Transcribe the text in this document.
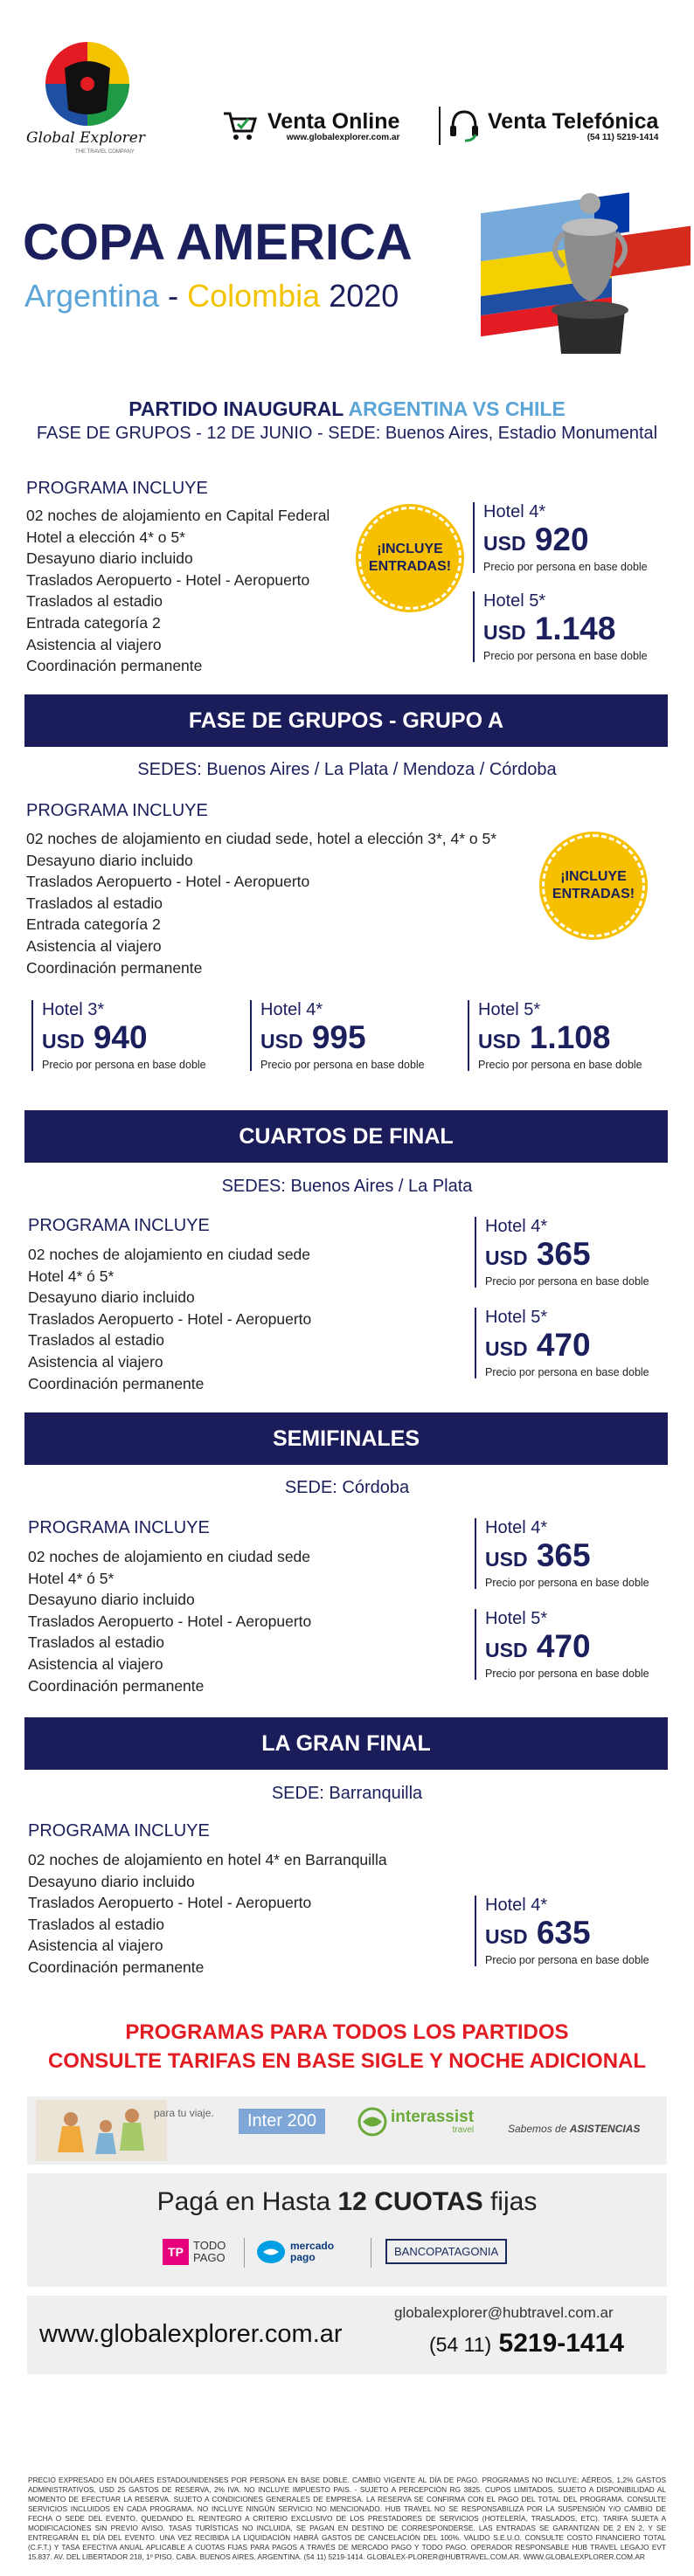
Global Explorer
THE TRAVEL COMPANY
Venta Online
www.globalexplorer.com.ar
Venta Telefónica
(54 11) 5219-1414
COPA AMERICA
Argentina - Colombia 2020
PARTIDO INAUGURAL ARGENTINA VS CHILE
FASE DE GRUPOS - 12 DE JUNIO - SEDE: Buenos Aires, Estadio Monumental
PROGRAMA INCLUYE
02 noches de alojamiento en Capital Federal
Hotel a elección 4* o 5*
Desayuno diario incluido
Traslados Aeropuerto - Hotel - Aeropuerto
Traslados al estadio
Entrada categoría 2
Asistencia al viajero
Coordinación permanente
¡INCLUYE ENTRADAS!
Hotel 4*
USD 920
Precio por persona en base doble
Hotel 5*
USD 1.148
Precio por persona en base doble
FASE DE GRUPOS - GRUPO A
SEDES: Buenos Aires / La Plata / Mendoza / Córdoba
PROGRAMA INCLUYE
02 noches de alojamiento en ciudad sede, hotel a elección 3*, 4* o 5*
Desayuno diario incluido
Traslados Aeropuerto - Hotel - Aeropuerto
Traslados al estadio
Entrada categoría 2
Asistencia al viajero
Coordinación permanente
¡INCLUYE ENTRADAS!
Hotel 3*
USD 940
Precio por persona en base doble
Hotel 4*
USD 995
Precio por persona en base doble
Hotel 5*
USD 1.108
Precio por persona en base doble
CUARTOS DE FINAL
SEDES: Buenos Aires / La Plata
PROGRAMA INCLUYE
02 noches de alojamiento en ciudad sede
Hotel 4* ó 5*
Desayuno diario incluido
Traslados Aeropuerto - Hotel - Aeropuerto
Traslados al estadio
Asistencia al viajero
Coordinación permanente
Hotel 4*
USD 365
Precio por persona en base doble
Hotel 5*
USD 470
Precio por persona en base doble
SEMIFINALES
SEDE: Córdoba
PROGRAMA INCLUYE
02 noches de alojamiento en ciudad sede
Hotel 4* ó 5*
Desayuno diario incluido
Traslados Aeropuerto - Hotel - Aeropuerto
Traslados al estadio
Asistencia al viajero
Coordinación permanente
Hotel 4*
USD 365
Precio por persona en base doble
Hotel 5*
USD 470
Precio por persona en base doble
LA GRAN FINAL
SEDE: Barranquilla
PROGRAMA INCLUYE
02 noches de alojamiento en hotel 4* en Barranquilla
Desayuno diario incluido
Traslados Aeropuerto - Hotel - Aeropuerto
Traslados al estadio
Asistencia al viajero
Coordinación permanente
Hotel 4*
USD 635
Precio por persona en base doble
PROGRAMAS PARA TODOS LOS PARTIDOS
CONSULTE TARIFAS EN BASE SIGLE Y NOCHE ADICIONAL
para tu viaje.	Inter 200	interassist
travel	Sabemos de ASISTENCIAS
Pagá en Hasta 12 CUOTAS fijas
TP TODO PAGO
mercado pago	BANCOPATAGONIA
www.globalexplorer.com.ar
globalexplorer@hubtravel.com.ar
(54 11) 5219-1414
PRECIO EXPRESADO EN DÓLARES ESTADOUNIDENSES POR PERSONA EN BASE DOBLE. CAMBIO VIGENTE AL DÍA DE PAGO. PROGRAMAS NO INCLUYE: AÉREOS, 1,2% GASTOS ADMINISTRATIVOS, USD 25 GASTOS DE RESERVA, 2% IVA. NO INCLUYE IMPUESTO PAIS. - SUJETO A PERCEPCIÓN RG 3825. CUPOS LIMITADOS. SUJETO A DISPONIBILIDAD AL MOMENTO DE EFECTUAR LA RESERVA. SUJETO A CONDICIONES GENERALES DE EMPRESA. LA RESERVA SE CONFIRMA CON EL PAGO DEL TOTAL DEL PROGRAMA. CONSULTE SERVICIOS INCLUIDOS EN CADA PROGRAMA. NO INCLUYE NINGÚN SERVICIO NO MENCIONADO. HUB TRAVEL NO SE RESPONSABILIZA POR LA SUSPENSIÓN Y/O CAMBIO DE FECHA O SEDE DEL EVENTO, QUEDANDO EL REINTEGRO A CRITERIO EXCLUSIVO DE LOS PRESTADORES DE SERVICIOS (HOTELERÍA, TRASLADOS, ETC). TARIFA SUJETA A MODIFICACIONES SIN PREVIO AVISO. TASAS TURÍSTICAS NO INCLUIDA, SE PAGAN EN DESTINO DE CORRESPONDERSE. LAS ENTRADAS SE GARANTIZAN DE 2 EN 2, Y SE ENTREGARÁN EL DÍA DEL EVENTO. UNA VEZ RECIBIDA LA LIQUIDACIÓN HABRÁ GASTOS DE CANCELACIÓN DEL 100%. VALIDO S.E.U.O. CONSULTE COSTO FINANCIERO TOTAL (C.F.T.) Y TASA EFECTIVA ANUAL APLICABLE A CUOTAS FIJAS PARA PAGOS A TRAVÉS DE MERCADO PAGO Y TODO PAGO. OPERADOR RESPONSABLE HUB TRAVEL LEGAJO EVT 15.837. AV. DEL LIBERTADOR 218, 1º PISO. CABA. BUENOS AIRES. ARGENTINA. (54 11) 5219-1414. GLOBALEX-PLORER@HUBTRAVEL.COM.AR. WWW.GLOBALEXPLORER.COM.AR
